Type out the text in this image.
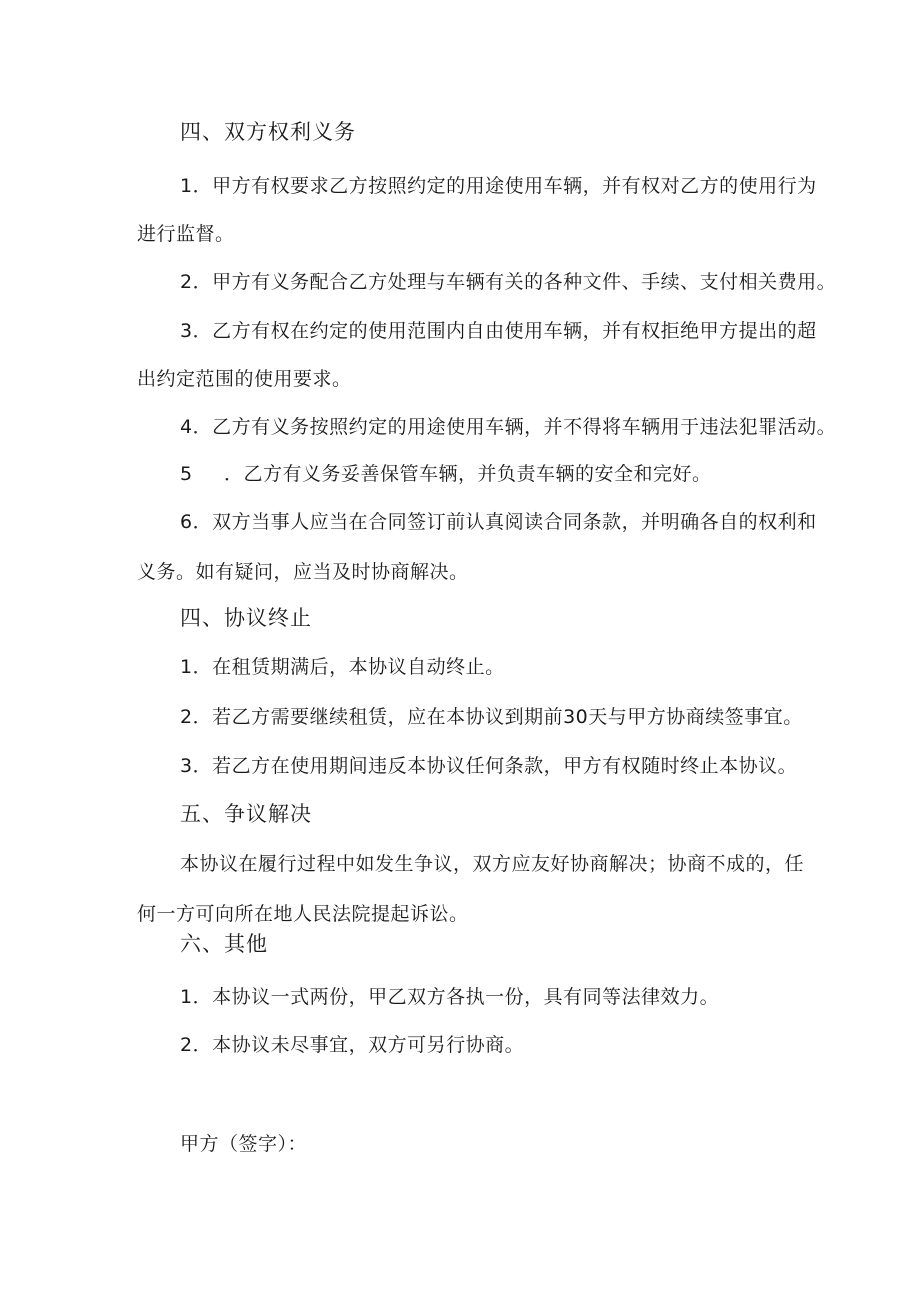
四、双方权利义务
1．甲方有权要求乙方按照约定的用途使用车辆，并有权对乙方的使用行为
进行监督。
2．甲方有义务配合乙方处理与车辆有关的各种文件、手续、支付相关费用。
3．乙方有权在约定的使用范围内自由使用车辆，并有权拒绝甲方提出的超
出约定范围的使用要求。
4．乙方有义务按照约定的用途使用车辆，并不得将车辆用于违法犯罪活动。
5 ．乙方有义务妥善保管车辆，并负责车辆的安全和完好。
6．双方当事人应当在合同签订前认真阅读合同条款，并明确各自的权利和
义务。如有疑问，应当及时协商解决。
四、协议终止
1．在租赁期满后，本协议自动终止。
2．若乙方需要继续租赁，应在本协议到期前30天与甲方协商续签事宜。
3．若乙方在使用期间违反本协议任何条款，甲方有权随时终止本协议。
五、争议解决
本协议在履行过程中如发生争议，双方应友好协商解决；协商不成的，任
何一方可向所在地人民法院提起诉讼。
六、其他
1．本协议一式两份，甲乙双方各执一份，具有同等法律效力。
2．本协议未尽事宜，双方可另行协商。
甲方（签字）：
